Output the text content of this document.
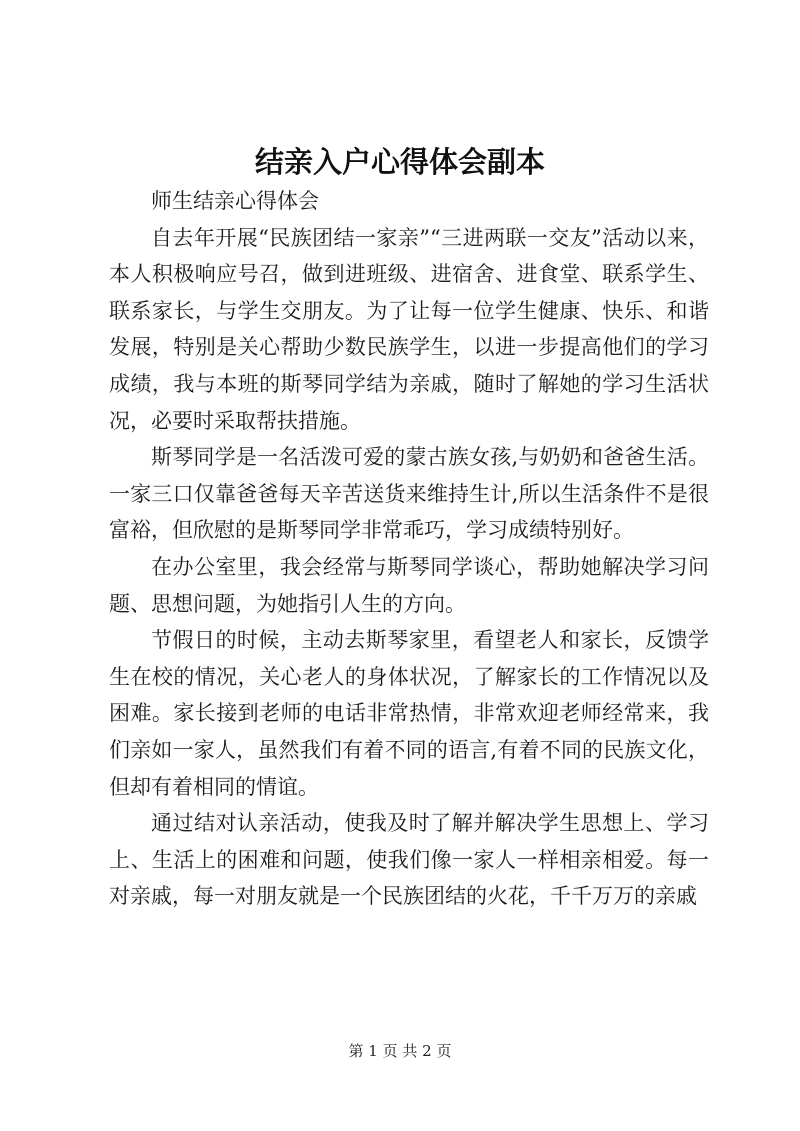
结亲入户心得体会副本

师生结亲心得体会

自去年开展“民族团结一家亲”“三进两联一交友”活动以来，本人积极响应号召，做到进班级、进宿舍、进食堂、联系学生、联系家长，与学生交朋友。为了让每一位学生健康、快乐、和谐发展，特别是关心帮助少数民族学生，以进一步提高他们的学习成绩，我与本班的斯琴同学结为亲戚，随时了解她的学习生活状况，必要时采取帮扶措施。

斯琴同学是一名活泼可爱的蒙古族女孩,与奶奶和爸爸生活。一家三口仅靠爸爸每天辛苦送货来维持生计,所以生活条件不是很富裕，但欣慰的是斯琴同学非常乖巧，学习成绩特别好。

在办公室里，我会经常与斯琴同学谈心，帮助她解决学习问题、思想问题，为她指引人生的方向。

节假日的时候，主动去斯琴家里，看望老人和家长，反馈学生在校的情况，关心老人的身体状况，了解家长的工作情况以及困难。家长接到老师的电话非常热情，非常欢迎老师经常来，我们亲如一家人，虽然我们有着不同的语言,有着不同的民族文化，但却有着相同的情谊。

通过结对认亲活动，使我及时了解并解决学生思想上、学习上、生活上的困难和问题，使我们像一家人一样相亲相爱。每一对亲戚，每一对朋友就是一个民族团结的火花，千千万万的亲戚

第 1 页 共 2 页
